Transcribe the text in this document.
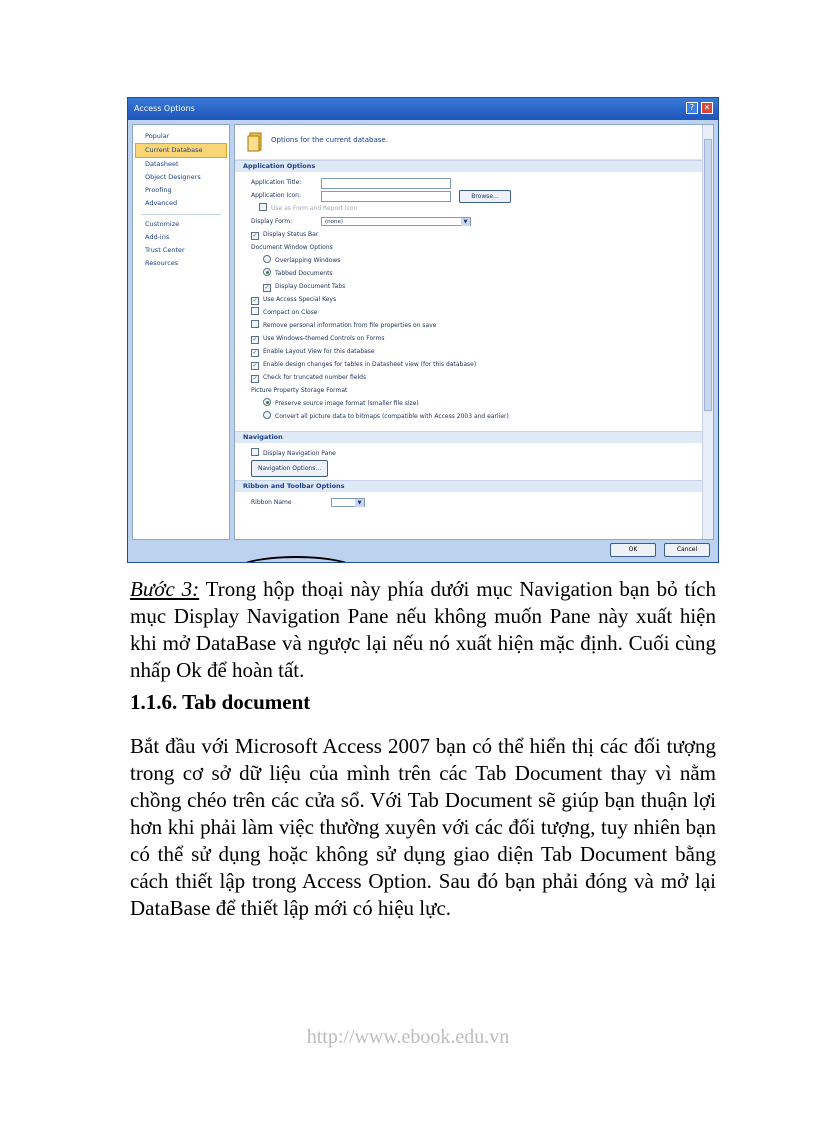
Access Options	?	✕
Popular
Current Database
Datasheet
Object Designers
Proofing
Advanced
Customize
Add-ins
Trust Center
Resources
Options for the current database.
Application Options
Application Title:
Application Icon:	Browse...
Use as Form and Report Icon
Display Form:	(none)	▼
✓ Display Status Bar
Document Window Options
Overlapping Windows
Tabbed Documents
✓ Display Document Tabs
✓ Use Access Special Keys
Compact on Close
Remove personal information from file properties on save
✓ Use Windows-themed Controls on Forms
✓ Enable Layout View for this database
✓ Enable design changes for tables in Datasheet view (for this database)
✓ Check for truncated number fields
Picture Property Storage Format
Preserve source image format (smaller file size)
Convert all picture data to bitmaps (compatible with Access 2003 and earlier)
Navigation
Display Navigation Pane
Navigation Options...
Ribbon and Toolbar Options
Ribbon Name	▼
OK	Cancel
Bước 3: Trong hộp thoại này phía dưới mục Navigation bạn bỏ tích mục Display Navigation Pane nếu không muốn Pane này xuất hiện khi mở DataBase và ngược lại nếu nó xuất hiện mặc định. Cuối cùng nhấp Ok để hoàn tất.
1.1.6. Tab document
Bắt đầu với Microsoft Access 2007 bạn có thể hiển thị các đối tượng trong cơ sở dữ liệu của mình trên các Tab Document thay vì nằm chồng chéo trên các cửa sổ. Với Tab Document sẽ giúp bạn thuận lợi hơn khi phải làm việc thường xuyên với các đối tượng, tuy nhiên bạn có thể sử dụng hoặc không sử dụng giao diện Tab Document bằng cách thiết lập trong Access Option. Sau đó bạn phải đóng và mở lại DataBase để thiết lập mới có hiệu lực.
http://www.ebook.edu.vn
